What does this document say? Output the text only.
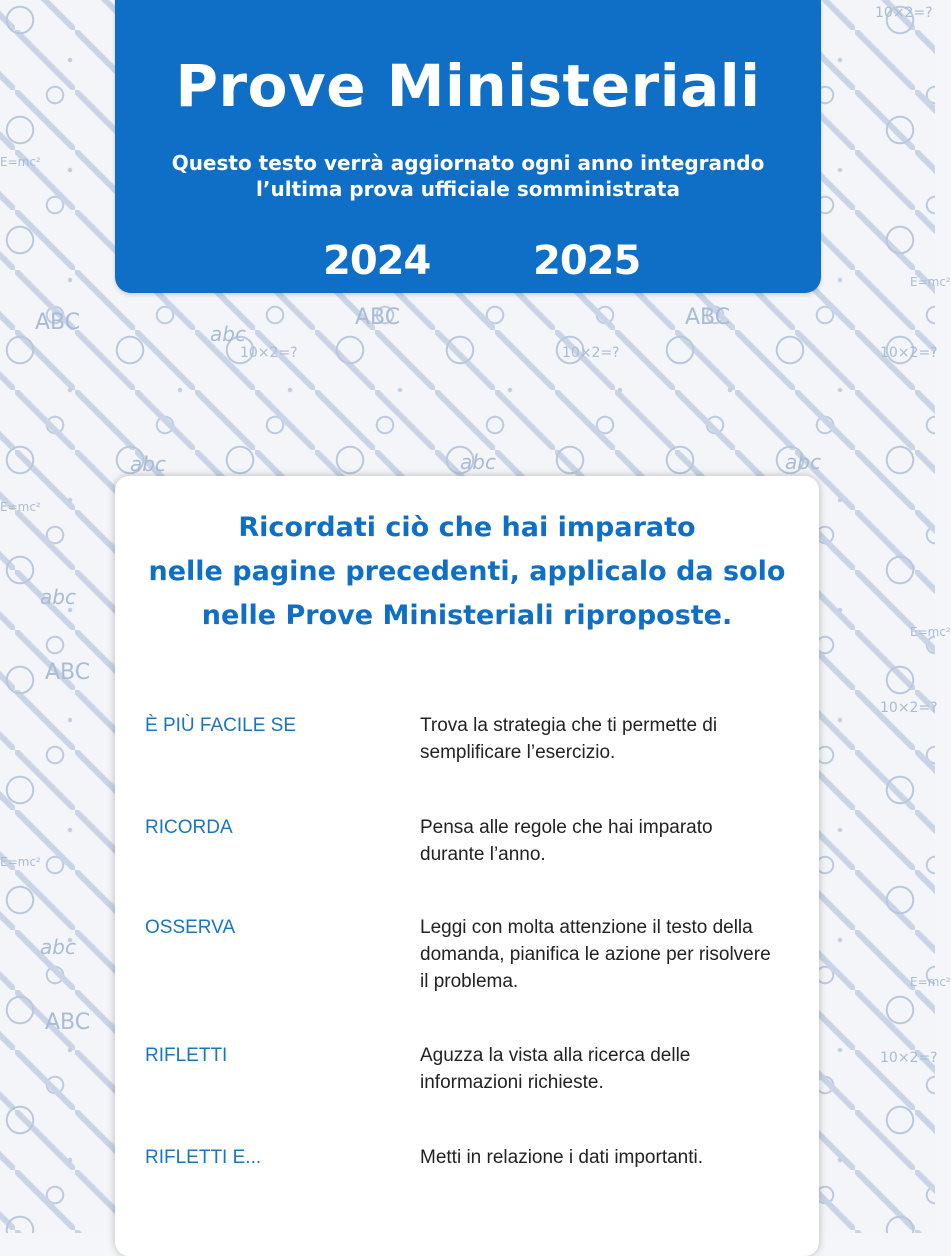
abc
abc	abc	abc
abc
abc
ABC	ABC	ABC
ABC
ABC
10×2=?	10×2=?	10×2=?
10×2=?
10×2=?
10×2=?
E=mc²
E=mc²
E=mc²
E=mc²
E=mc²
E=mc²
Prove Ministeriali
Questo testo verrà aggiornato ogni anno integrando
l’ultima prova ufficiale somministrata
2024	2025
Ricordati ciò che hai imparato
nelle pagine precedenti, applicalo da solo
nelle Prove Ministeriali riproposte.
È PIÙ FACILE SE	Trova la strategia che ti permette di semplificare l’esercizio.
RICORDA	Pensa alle regole che hai imparato durante l’anno.
OSSERVA	Leggi con molta attenzione il testo della domanda, pianifica le azione per risolvere il problema.
RIFLETTI	Aguzza la vista alla ricerca delle informazioni richieste.
RIFLETTI E...	Metti in relazione i dati importanti.
